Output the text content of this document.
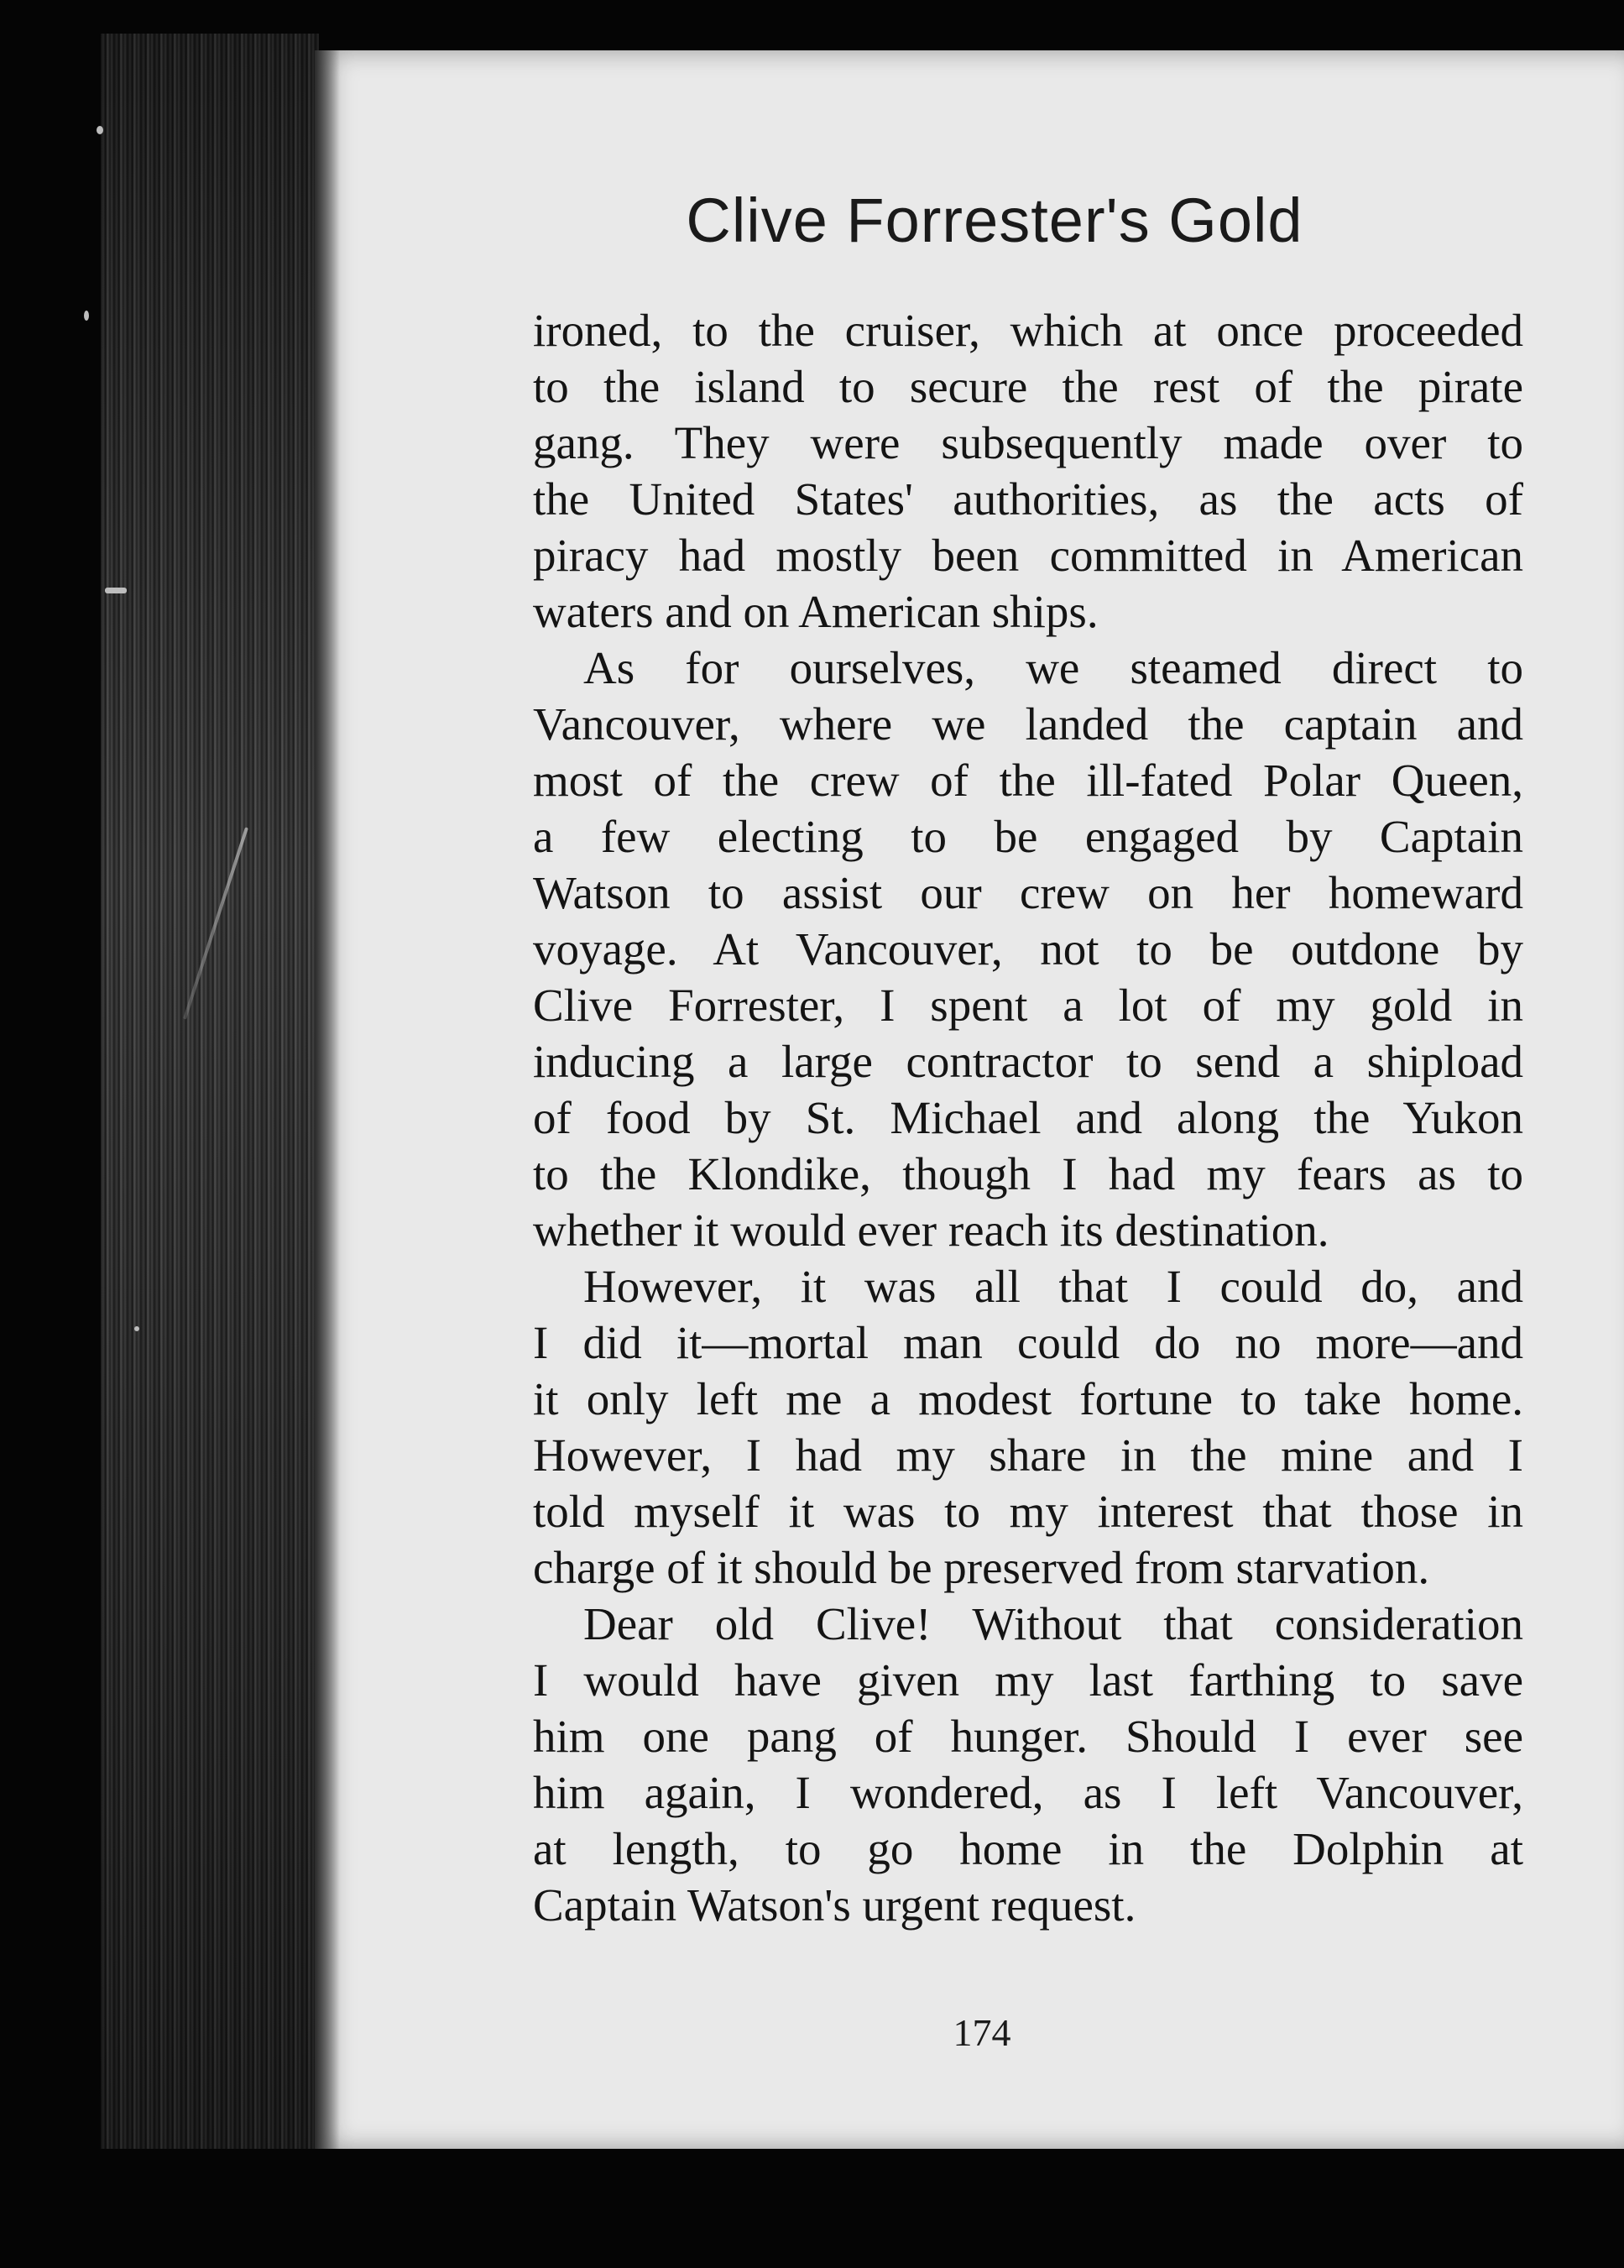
Clive Forrester's Gold
ironed, to the cruiser, which at once proceeded
to the island to secure the rest of the pirate
gang. They were subsequently made over to
the United States' authorities, as the acts of
piracy had mostly been committed in American
waters and on American ships.
As for ourselves, we steamed direct to
Vancouver, where we landed the captain and
most of the crew of the ill-fated Polar Queen,
a few electing to be engaged by Captain
Watson to assist our crew on her homeward
voyage. At Vancouver, not to be outdone by
Clive Forrester, I spent a lot of my gold in
inducing a large contractor to send a shipload
of food by St. Michael and along the Yukon
to the Klondike, though I had my fears as to
whether it would ever reach its destination.
However, it was all that I could do, and
I did it—mortal man could do no more—and
it only left me a modest fortune to take home.
However, I had my share in the mine and I
told myself it was to my interest that those in
charge of it should be preserved from starvation.
Dear old Clive! Without that consideration
I would have given my last farthing to save
him one pang of hunger. Should I ever see
him again, I wondered, as I left Vancouver,
at length, to go home in the Dolphin at
Captain Watson's urgent request.
174
